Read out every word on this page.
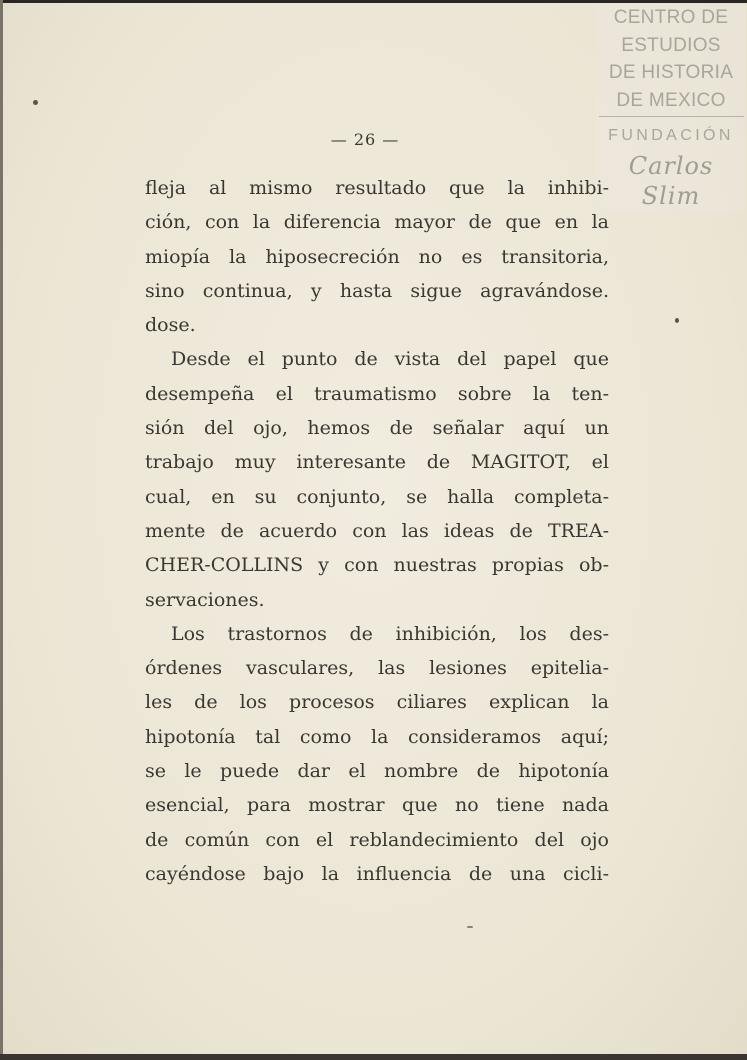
CENTRO DE
ESTUDIOS
DE HISTORIA
DE MEXICO
FUNDACIÓN
Carlos Slim
— 26 —
fleja al mismo resultado que la inhibi-
ción, con la diferencia mayor de que en la
miopía la hiposecreción no es transitoria,
sino continua, y hasta sigue agravándose.
dose.
Desde el punto de vista del papel que
desempeña el traumatismo sobre la ten-
sión del ojo, hemos de señalar aquí un
trabajo muy interesante de MAGITOT, el
cual, en su conjunto, se halla completa-
mente de acuerdo con las ideas de TREA-
CHER-COLLINS y con nuestras propias ob-
servaciones.
Los trastornos de inhibición, los des-
órdenes vasculares, las lesiones epitelia-
les de los procesos ciliares explican la
hipotonía tal como la consideramos aquí;
se le puede dar el nombre de hipotonía
esencial, para mostrar que no tiene nada
de común con el reblandecimiento del ojo
cayéndose bajo la influencia de una cicli-
